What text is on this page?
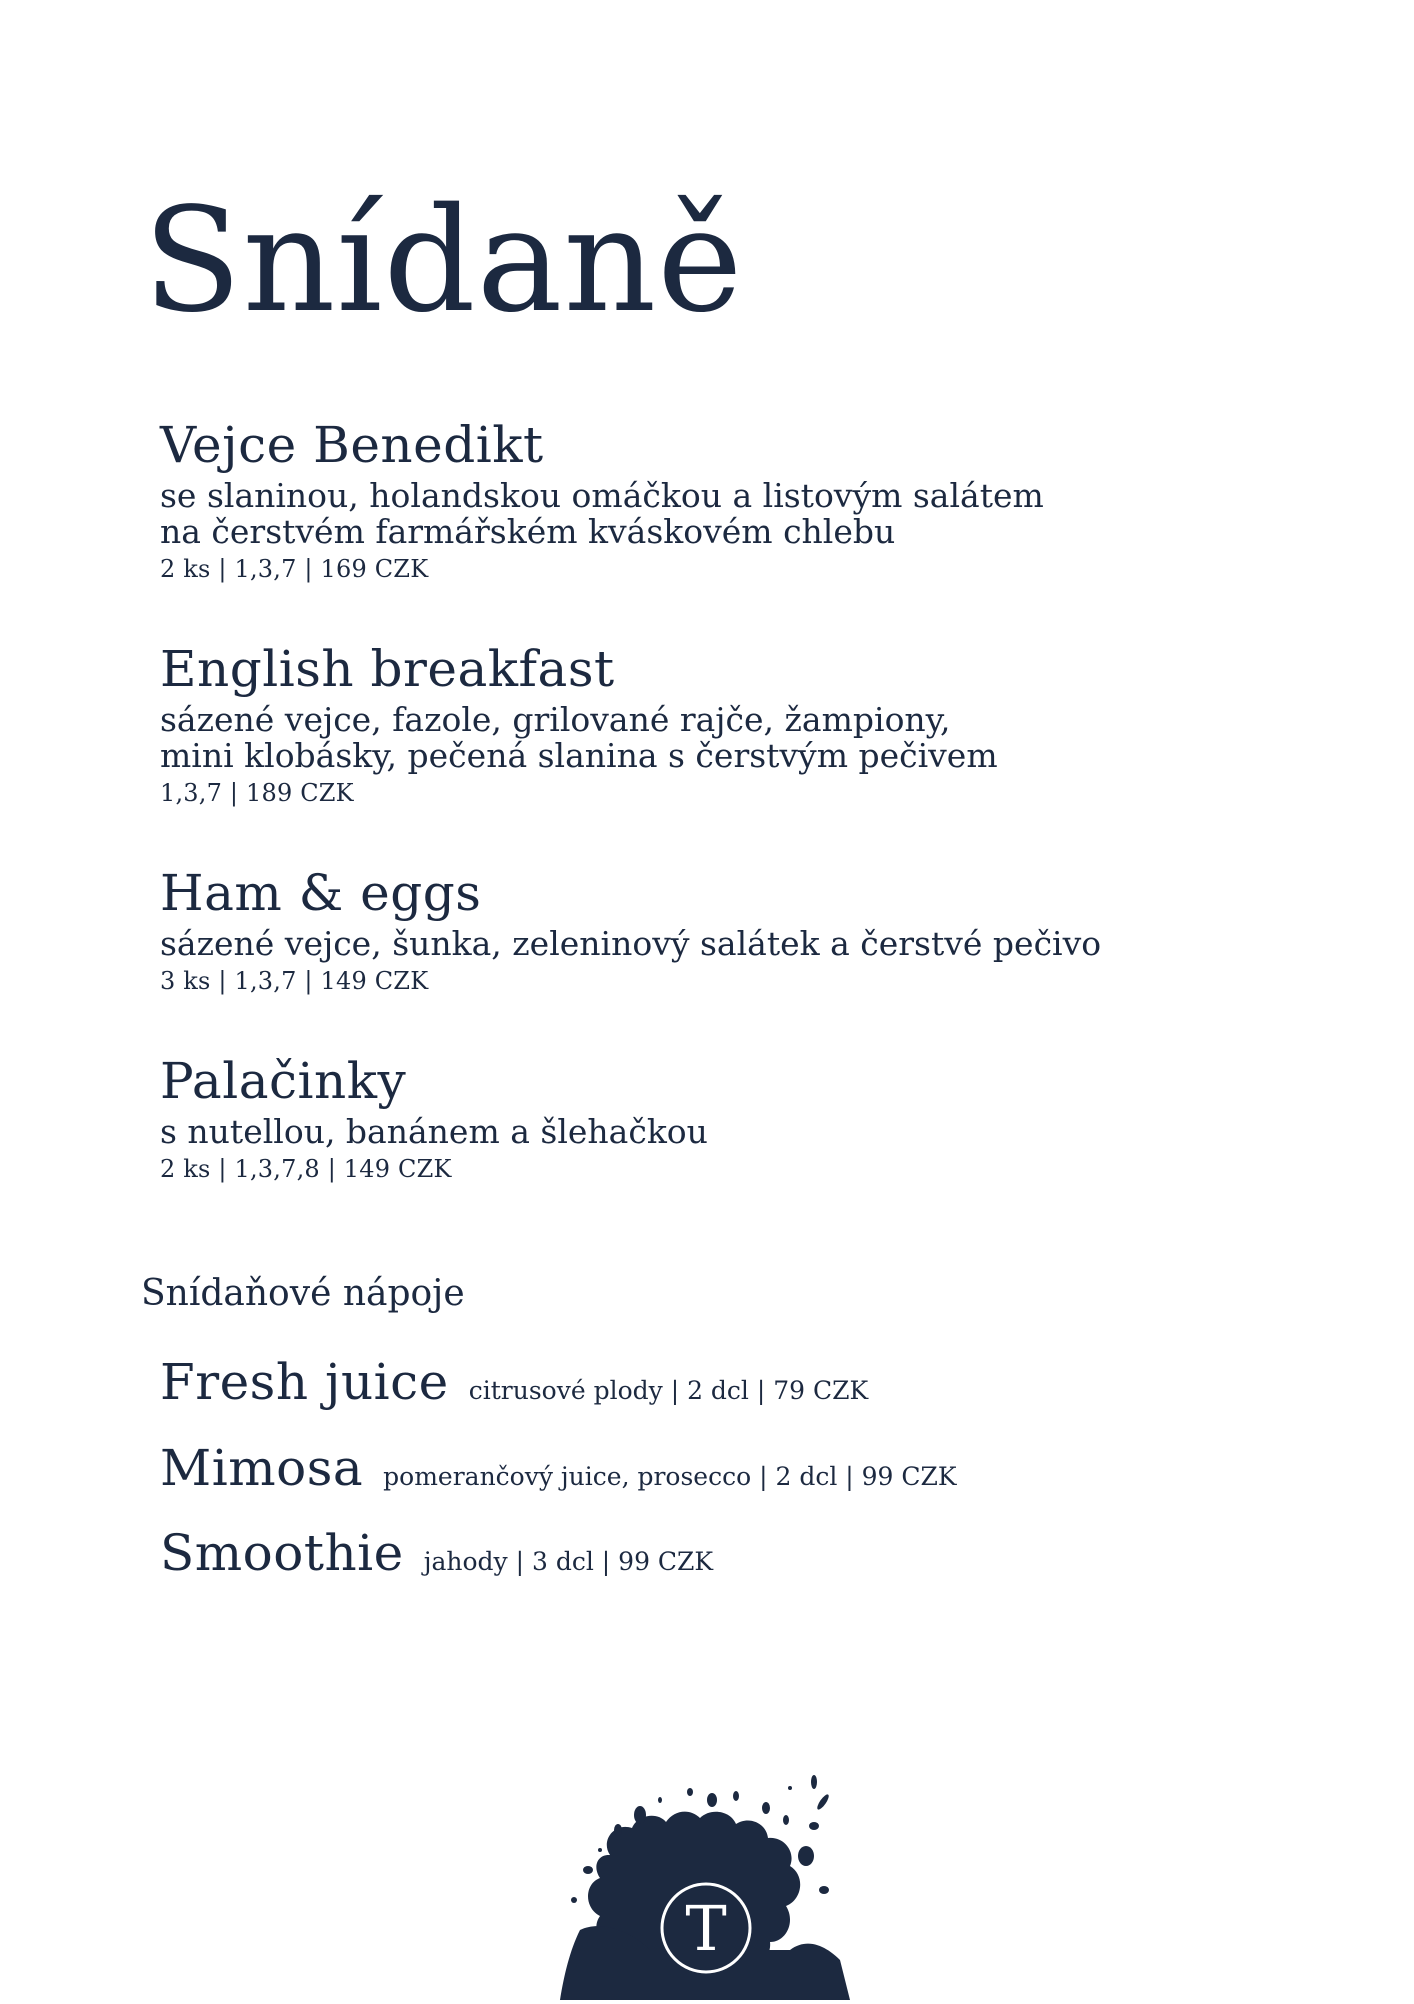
Snídaně
Vejce Benedikt
se slaninou, holandskou omáčkou a listovým salátem
na čerstvém farmářském kváskovém chlebu
2 ks | 1,3,7 | 169 CZK
English breakfast
sázené vejce, fazole, grilované rajče, žampiony,
mini klobásky, pečená slanina s čerstvým pečivem
1,3,7 | 189 CZK
Ham & eggs
sázené vejce, šunka, zeleninový salátek a čerstvé pečivo
3 ks | 1,3,7 | 149 CZK
Palačinky
s nutellou, banánem a šlehačkou
2 ks | 1,3,7,8 | 149 CZK
Snídaňové nápoje
Fresh juice citrusové plody | 2 dcl | 79 CZK
Mimosa pomerančový juice, prosecco | 2 dcl | 99 CZK
Smoothie jahody | 3 dcl | 99 CZK
T
